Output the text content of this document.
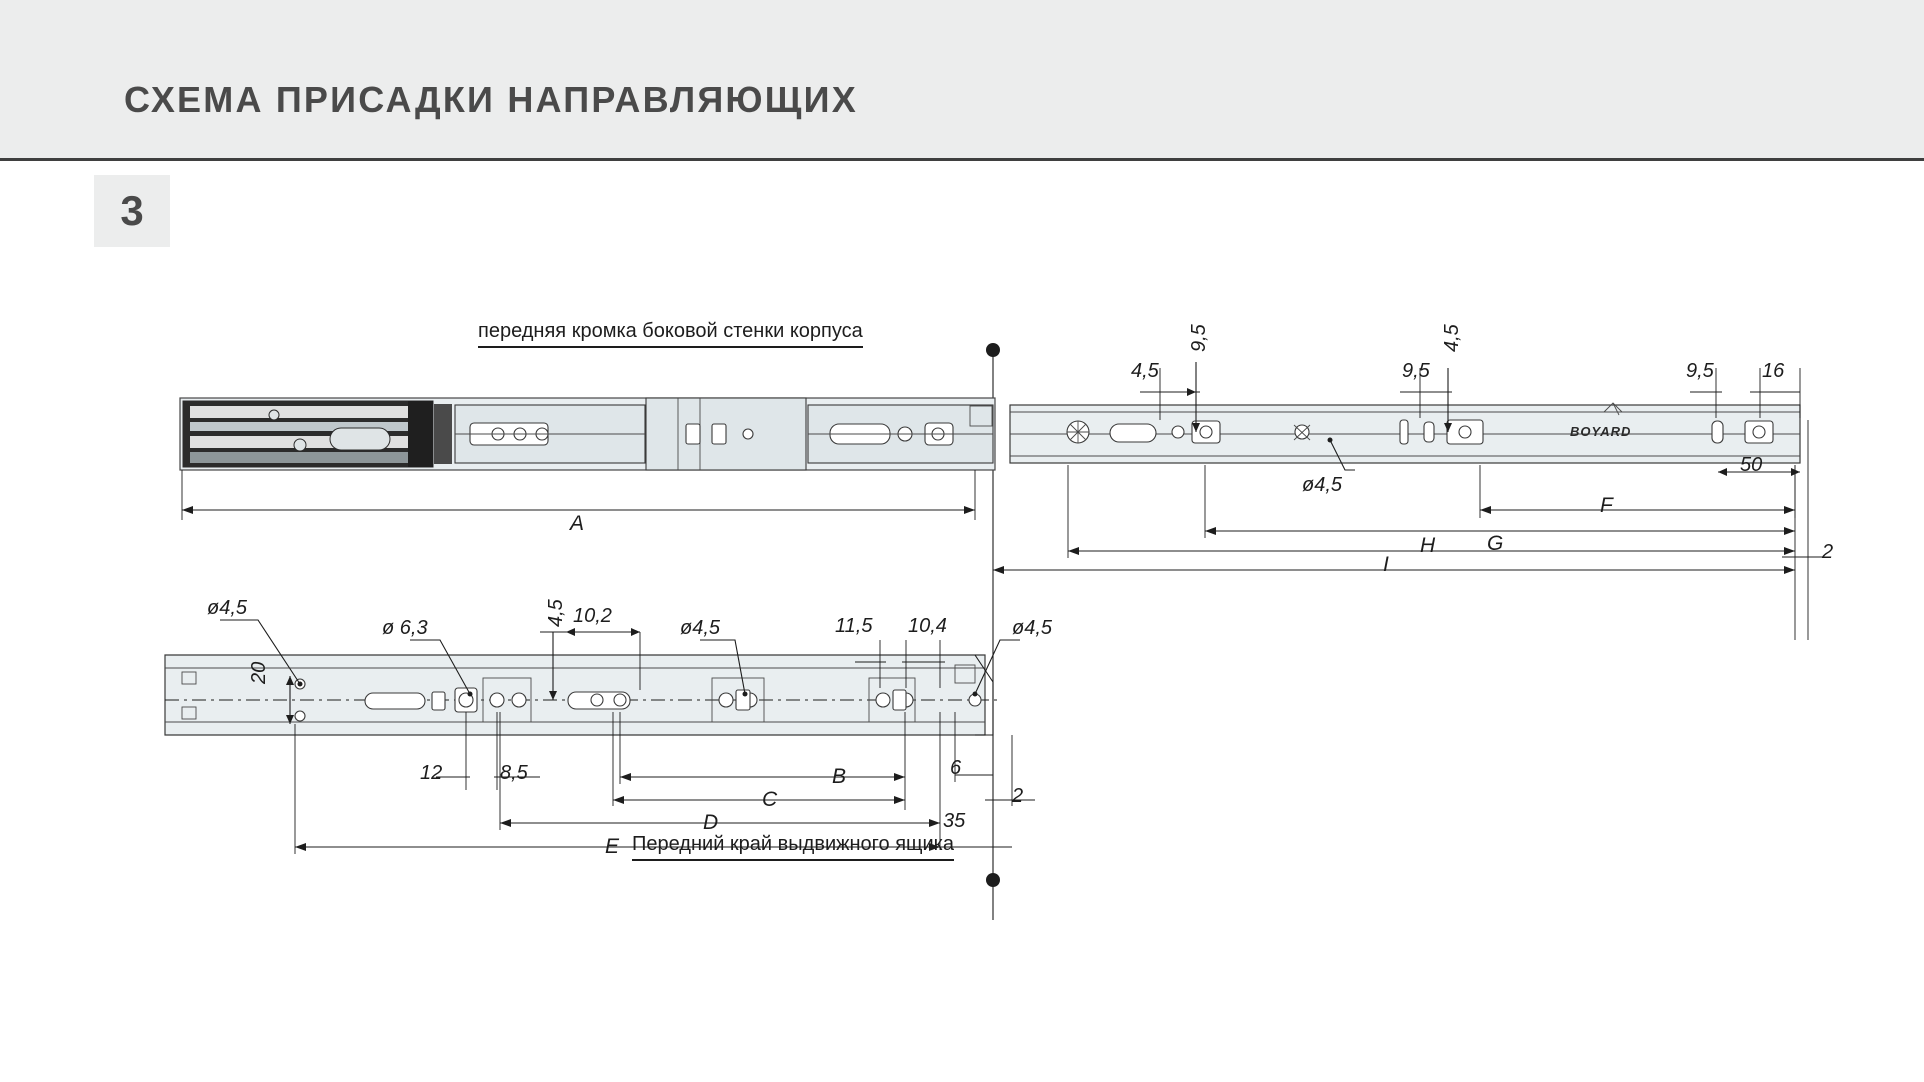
СХЕМА ПРИСАДКИ НАПРАВЛЯЮЩИХ
3
передняя кромка боковой стенки корпуса
Передний край выдвижного ящика
BOYARD
4,5
9,5
9,5
4,5
9,5 16
50
ø4,5
2
A
G
F
H
I
ø4,5
ø 6,3
4,5 10,2
ø4,5	11,5 10,4	ø4,5
20
12	8,5	6
2
35
B
C
D
E
